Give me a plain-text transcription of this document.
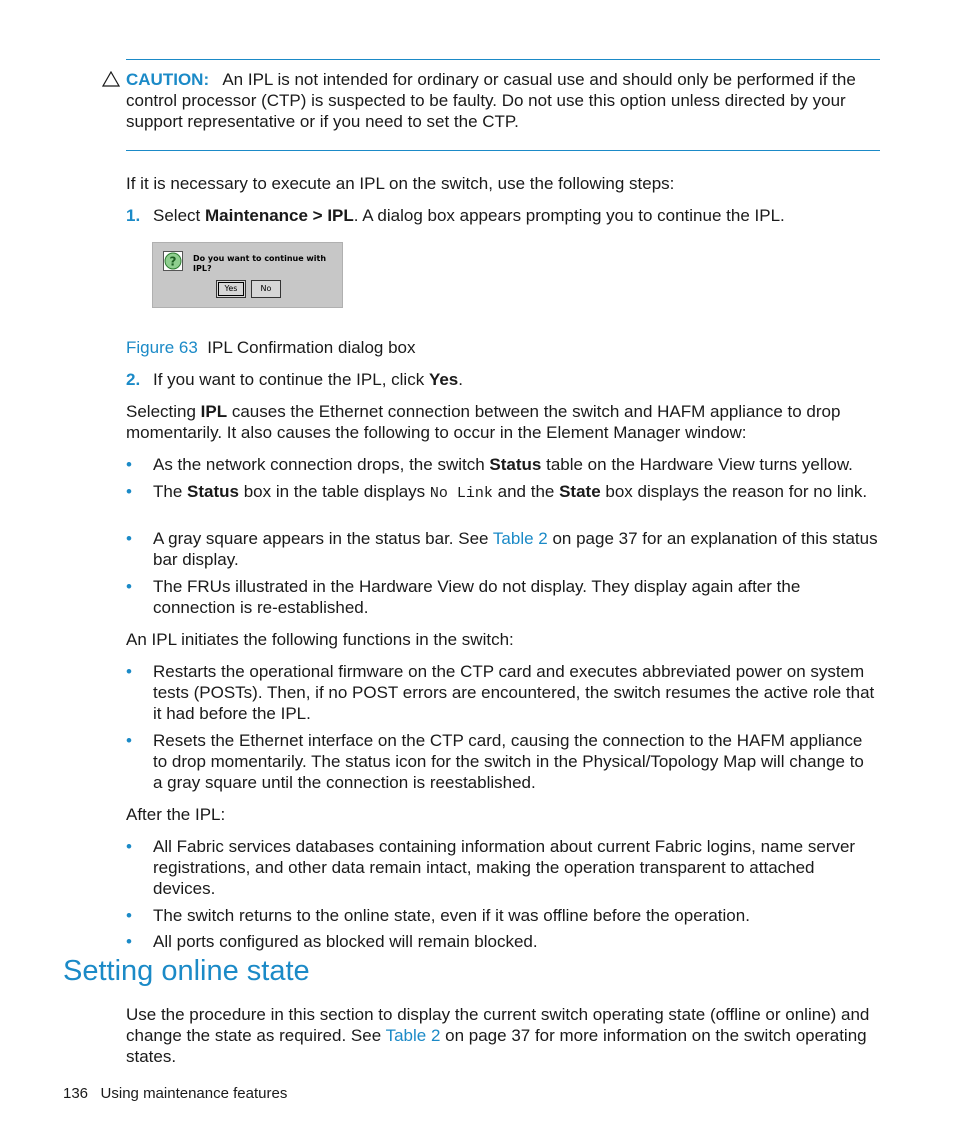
CAUTION: An IPL is not intended for ordinary or casual use and should only be performed if the control processor (CTP) is suspected to be faulty. Do not use this option unless directed by your support representative or if you need to set the CTP.
If it is necessary to execute an IPL on the switch, use the following steps:
1. Select Maintenance > IPL. A dialog box appears prompting you to continue the IPL.
? Do you want to continue with IPL?
Yes	No
Figure 63 IPL Confirmation dialog box
2. If you want to continue the IPL, click Yes.
Selecting IPL causes the Ethernet connection between the switch and HAFM appliance to drop momentarily. It also causes the following to occur in the Element Manager window:
• As the network connection drops, the switch Status table on the Hardware View turns yellow.
• The Status box in the table displays No Link and the State box displays the reason for no link.
• A gray square appears in the status bar. See Table 2 on page 37 for an explanation of this status bar display.
• The FRUs illustrated in the Hardware View do not display. They display again after the connection is re-established.
An IPL initiates the following functions in the switch:
• Restarts the operational firmware on the CTP card and executes abbreviated power on system tests (POSTs). Then, if no POST errors are encountered, the switch resumes the active role that it had before the IPL.
• Resets the Ethernet interface on the CTP card, causing the connection to the HAFM appliance to drop momentarily. The status icon for the switch in the Physical/Topology Map will change to a gray square until the connection is reestablished.
After the IPL:
• All Fabric services databases containing information about current Fabric logins, name server registrations, and other data remain intact, making the operation transparent to attached devices.
• The switch returns to the online state, even if it was offline before the operation.
• All ports configured as blocked will remain blocked.
Setting online state
Use the procedure in this section to display the current switch operating state (offline or online) and change the state as required. See Table 2 on page 37 for more information on the switch operating states.
136 Using maintenance features
